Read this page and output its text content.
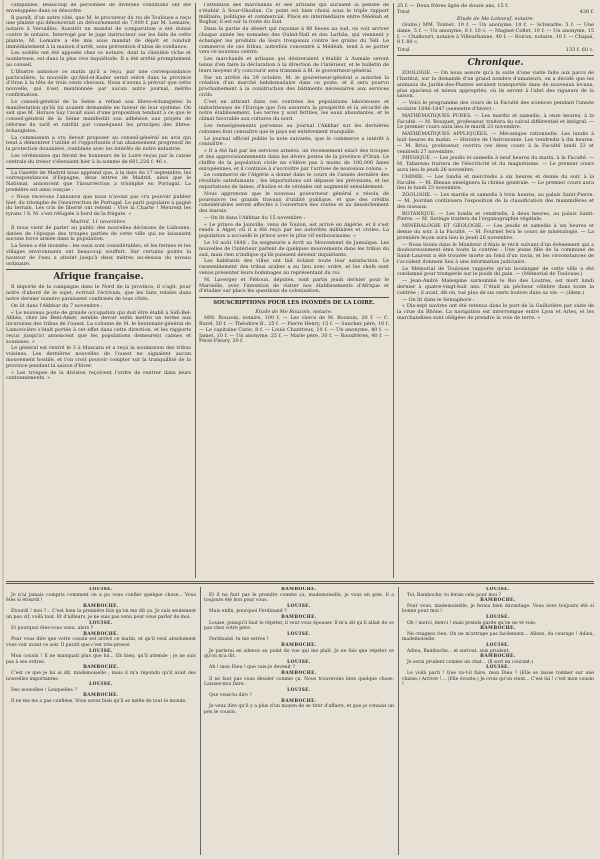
campables. Beaucoup de personnes de diverses conditions ont été enveloppées dans ce désordre.

Il paraît, d'un autre côté, que M. le procureur du roi de Toulouse a reçu une plainte qui dénoncerait un détournement de 7,000 f. par M. Lemaire, notaire à Versailles. Aussitôt un mandat de comparution a été donné contre le notaire. Interrogé par le juge instructeur sur les faits de cette plainte, M. Lemaire a été mis sous mandat de dépôt et conduit immédiatement à la maison d'arrêt, sous prévention d'abus de confiance.

Les scellés ont été apposés chez ce notaire, dont la clientèle riche et nombreuse, est dans la plus vive inquiétude. Il a été arrêté promptement au conseil.

L'Illustre annonce ce matin qu'il a reçu, par une correspondance particulière, la nouvelle qu'Abd-el-Kader serait entré dans la province d'Oran à la tête de trois cents chevaux. Nous n'avons à prévoir que cette nouvelle, qui n'est mentionnée par aucun autre journal, mérite confirmation.

Le conseil-général de la Seine a refusé aux libres-échangistes la manifestation qu'ils lui avaient demandée en faveur de leur système. On sait que M. Horace Say l'avait saisi d'une proposition tendant à ce que le conseil-général de la Seine manifestât son adhésion aux projets de réforme du tarif et ratifiât par conséquent les principes des libres-échangistes.

La commission a cru devoir proposer au conseil-général un avis qui tend à démontrer l'utilité et l'opportunité d'un abaissement progressif de la protection douanière, combinée avec les intérêts de notre industrie.

Les cérémonies qui feront les honneurs de la Loire reçus par la caisse centrale du trésor s'élevaient hier à la somme de 601,226 f. 46 c.

La Gazette de Madrid nous apprend que, à la date du 17 septembre, les correspondances d'Espagne, deux lettres de Madrid, ainsi que le National, annoncent que l'insurrection a triomphé en Portugal. La première est ainsi conçue :

« Nous recevons l'annonce que nous n'avons pas cru pouvoir publier hier, du triomphe de l'insurrection de Portugal. Le parti populaire a gagné du terrain. Les cris de liberté ont retenti : Vive la Charte ! Meurent les tyrans ! S. M. s'est réfugiée à bord de la frégate. »

Madrid, 11 novembre.

Il nous vient de parler au public des nouvelles décisions de Lisbonne, datées de l'époque des troupes parties de cette ville qui ne laissaient aucune force armée dans la population.

La Seine a été inondée : les eaux sont considérables, et les fermes et les villages environnants ont beaucoup souffert. Sur certains points la hauteur de l'eau a atteint jusqu'à deux mètres au-dessus du niveau ordinaire.

Afrique française.

Il importe de la campagne dans le Nord de la province, il s'agit, pour notre d'abord de le sujet, écrivait l'écrivain, que les faits relatés dans notre dernier numéro paraissent confirmés de tous côtés.

On lit dans l'Akhbar du 7 novembre :

« Le nouveau poste de grande occupation qui doit être établi à Sidi-Bel-Abbès, chez les Beni-Amer, semble devoir enfin mettre un terme aux incursions des tribus de l'ouest. La colonne de M. le lieutenant-général de Lamoricière s'était portée à cet effet dans cette direction, et les rapports reçus jusqu'ici annoncent que les populations demeurent calmes et soumises. »

Le général est rentré le 3 à Mascara et a reçu la soumission des tribus voisines. Les dernières nouvelles de l'ouest ne signalent aucun mouvement hostile, et l'on croit pouvoir compter sur la tranquillité de la province pendant la saison d'hiver.

« Les troupes de la division reçoivent l'ordre de rentrer dans leurs cantonnements. »

l'attention des marchands et des artisans qui auraient la pensée de s'établir à Sour-Ghozlan. Ce point est bien choisi sous le triple rapport militaire, politique et commercial. Placé en intermédiaire entre Médéah et Boghar, il est sur la route du Sud.

Dans la partie du désert qui rayonne à 80 lieues au sud, on voit arriver chaque année les nomades des Ouled-Naïl et des Larbâa, qui viennent y échanger les produits de leurs troupeaux contre les grains du Tell. Le commerce de ces tribus, autrefois concentré à Médéah, tend à se porter vers ce nouveau centre.

Les marchands et artisans qui désireraient s'établir à Aumale seront tenus d'en faire la déclaration à la direction de l'intérieur, et le bulletin de leurs moyens d'y concourir sera transmis à M. le gouverneur-général.

Par un arrêté du 29 octobre, M. le gouverneur-général a autorisé la création d'un marché hebdomadaire dans ce poste, et il sera pourvu prochainement à la construction des bâtiments nécessaires aux services civils.

C'est en attirant dans ces contrées les populations laborieuses et industrieuses de l'Europe que l'on assurera la prospérité et la sécurité de notre établissement. Les terres y sont fertiles, les eaux abondantes, et le climat favorable aux cultures du nord.

Les renseignements parvenus au journal l'Akhbar sur les dernières colonnes font connaître que le pays est entièrement tranquille.

Le journal officiel publie la note suivante, que le commerce a intérêt à connaître :

« Il a été fait par les services armées, un recensement exact des troupes et des approvisionnements dans les divers postes de la province d'Oran. Le chiffre de la population civile ne s'élève pas à moins de 100,000 âmes européennes, et il continue à s'accroître par l'arrivée de nouveaux colons. »

Le commerce de l'Algérie a donné dans le cours de l'année dernière des résultats satisfaisants ; les importations ont dépassé les prévisions, et les exportations de laines, d'huiles et de céréales ont augmenté sensiblement.

Nous apprenons que le nouveau gouverneur général a résolu de poursuivre les grands travaux d'utilité publique, et que des crédits considérables seront affectés à l'ouverture des routes et au dessèchement des marais.

— On lit dans l'Akhbar du 15 novembre :

« Le prince de Joinville, venu de Toulon, est arrivé en Algérie, et il s'est rendu à Alger, où il a été reçu par les autorités militaires et civiles. La population a accueilli le prince avec le plus vif enthousiasme. »

Le 10 août 1848 : Sa seigneurie a écrit au Mouvement de Jamaïque. Les nouvelles de l'intérieur parlent de quelques mouvements dans les tribus du sud, mais rien n'indique qu'ils puissent devenir inquiétants.

Les habitants des villes ont fait éclater toute leur satisfaction. Le rassemblement des tribus arabes a eu lieu avec ordre, et les chefs sont venus présenter leurs hommages au représentant du roi.

M. Laverger et Piétoun, députés, sont partis jeudi dernier pour le Marseille, avec l'intention de visiter nos établissements d'Afrique et d'étudier sur place les questions de colonisation.

SOUSCRIPTIONS POUR LES INONDÉS DE LA LOIRE.
Étude de Me Rouzoin, notaire.

MM. Rouzoin, notaire, 100 f. — Les clercs de M. Rouzoin, 20 f. — C. Burel, 50 f. — Théodore B., 25 f. — Pierre Henry, 15 f. — Sanchez père, 10 f. — Le capitaine Carie, 8 f. — Louis Chantreux, 10 f. — Un anonyme, 40 f. — Jamet, 10 f. — Un anonyme, 25 f. — Marie père, 30 f. — Rouxfrères, 40 f. — Pérat-Fleury, 20 f.

25 f. — Deux frères âgés de douze ans, 15 f.
Total	430 f.
Étude de Me Leboeuf, notaire.

(Suite.) MM. Tonnet, 10 f. — Un anonyme, 10 f. — Schwarbe, 5 f. — Une dame, 5 f. — Un anonyme, 6 f. 10 c. — Magnet-Collet, 10 f. — Un anonyme, 15 f. — Chalbourt, notaire à Villeurbanne, 40 f. — Boiron, notaire, 10 f. — Chapaï, 8 f. 80 c.

Total	133 f. 60 c.
Chronique.

ZOOLOGIE. — On nous assure qu'à la suite d'une visite faite aux parcs de l'Institut, sur la demande d'un grand nombre d'amateurs, on a décidé que les animaux du Jardin-des-Plantes seraient transportés dans de nouveaux locaux, plus spacieux et mieux appropriés, où ils seront à l'abri des rigueurs de la saison.

— Voici le programme des cours de la Faculté des sciences pendant l'année scolaire 1846-1847 (semestre d'hiver) :

MATHÉMATIQUES PURES. — Les mardis et samedis, à onze heures, à la Faculté. — M. Bouquet, professeur, traitera du calcul différentiel et intégral. — Le premier cours aura lieu le mardi 23 novembre.

MATHÉMATIQUES APPLIQUÉES. — Mécanique rationnelle. Les lundis à huit heures du matin. — Histoire de l'Astronomie. Les vendredis à dix heures. — M. Brioi, professeur, ouvrira ces deux cours à la Faculté lundi 23 et vendredi 27 novembre.

PHYSIQUE. — Les jeudis et samedis à neuf heures du matin, à la Faculté. — M. Tabareau traitera de l'électricité et du magnétisme. — Le premier cours aura lieu le jeudi 26 novembre.

CHIMIE. — Les lundis et mercredis à six heures et demie du soir, à la Faculté. — M. Bineau enseignera la chimie générale. — Le premier cours aura lieu le lundi 23 novembre.

ZOOLOGIE. — Les mardis et samedis à trois heures, au palais Saint-Pierre. — M. Jourdan continuera l'exposition de la classification des mammifères et des oiseaux.

BOTANIQUE. — Les lundis et vendredis, à deux heures, au palais Saint-Pierre. — M. Seringe traitera de l'organographie végétale.

MINÉRALOGIE ET GÉOLOGIE. — Les jeudis et samedis à six heures et demie du soir, à la Faculté. — M. Fournet fera le cours de minéralogie. — La première leçon aura lieu le jeudi 26 novembre.

— Nous lisons dans le Moniteur d'Alais le récit suivant d'un évènement qui a douloureusement ému toute la contrée : Une jeune fille de la commune de Saint-Laurent a été trouvée morte au fond d'un ravin, et les circonstances de l'accident donnent lieu à une information judiciaire.

Le Mémorial de Toulouse rapporte qu'un boulanger de cette ville a été condamné pour tromperie sur le poids du pain. — (Mémorial de Toulouse.)

— Jean-André Malespine surnommé le Roi des Loutres, est mort lundi dernier à quatre-vingt-huit ans. C'était un pêcheur célèbre dans toute la contrée ; il avait, dit-on, tué plus de six cents loutres dans sa vie. — (Idem.)

— On lit dans le Sémaphore :

« Dix-sept navires ont été retenus dans le port de la Guillotière par suite de la crue du Rhône. La navigation est interrompue entre Lyon et Arles, et les marchandises sont obligées de prendre la voie de terre. »

LOUISE.

Je n'ai jamais compris comment on a pu vous confier quelque chose... Vous êtes si étourdi !

BAMBOCHE.

Étourdi ! moi ?... C'est bien la première fois qu'on me dit ça. Je suis seulement un peu vif, voilà tout. Et d'ailleurs, je ne suis pas venu pour vous parler de moi.

LOUISE.

Et pourquoi êtes-vous venu, alors ?

BAMBOCHE.

Pour vous dire que votre cousin est arrivé ce matin, et qu'il veut absolument vous voir avant ce soir. Il paraît que c'est très-pressé.

LOUISE.

Mon cousin ! Il ne manquait plus que lui... Eh bien, qu'il attende ; je ne suis pas à ses ordres.

BAMBOCHE.

C'est ce que je lui ai dit, mademoiselle ; mais il m'a répondu qu'il avait des nouvelles importantes.

LOUISE.

Des nouvelles ! Lesquelles ?

BAMBOCHE.

Il ne me les a pas confiées. Vous savez bien qu'il se méfie de tout le monde.

BAMBOCHE.

Et il ne faut pas le prendre comme ça, mademoiselle, je vous en prie. Il a toujours été bon pour vous.

LOUISE.

Mais enfin, pourquoi Ferdinand ?

BAMBOCHE.

Louise, puisqu'il faut le répéter, il veut vous épouser. Il m'a dit qu'il allait de ce pas chez votre père.

LOUISE.

Ferdinand, tu me serres !

BAMBOCHE.

Je parlerai en silence au point de vue qui me plaît. Je ne fais que répéter ce qu'on m'a dit.

LOUISE.

Ah ! mon Dieu ! que vais-je devenir ?

BAMBOCHE.

Il ne faut pas vous désoler comme ça. Nous trouverons bien quelque chose. Laissez-moi faire.

LOUISE.

Que veux-tu dire ?

BAMBOCHE.

Je veux dire qu'il y a plus d'un moyen de se tirer d'affaire, et que je connais un peu le cousin.

LOUISE.

Toi, Bamboche, tu ferais cela pour moi ?

BAMBOCHE.

Pour vous, mademoiselle, je ferais bien davantage. Vous avez toujours été si bonne pour moi !

LOUISE.

Oh ! merci, merci ! mais prends garde qu'on ne te voie.

BAMBOCHE.

Ne craignez rien. On ne m'attrape pas facilement... Allons, du courage ! Adieu, mademoiselle.

LOUISE.

Adieu, Bamboche... et surtout, sois prudent.

BAMBOCHE.

Je serai prudent comme un chat... (Il sort en courant.)

LOUISE.

Le voilà parti ! Que va-t-il faire, mon Dieu ? (Elle se laisse tomber sur une chaise.) Arriver !... (Elle écoute.) Je crois qu'on vient... C'est lui ! c'est mon cousin !
